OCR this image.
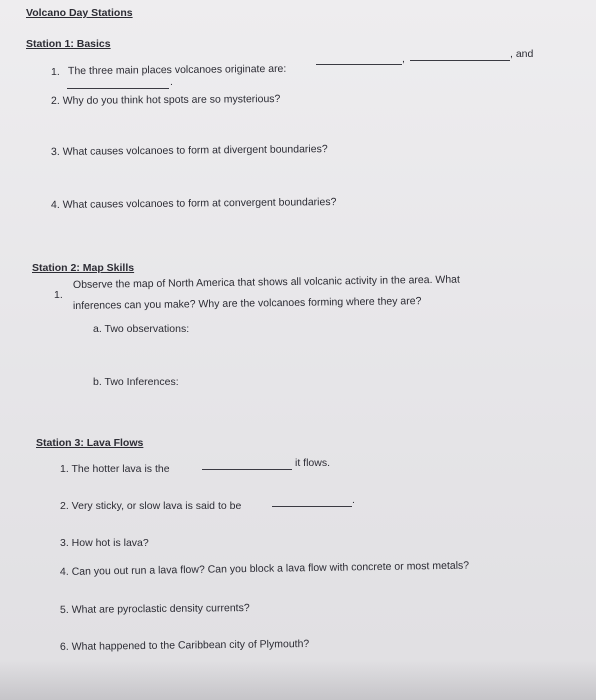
Volcano Day Stations
Station 1: Basics
1. The three main places volcanoes originate are:
,	, and
.
2. Why do you think hot spots are so mysterious?
3. What causes volcanoes to form at divergent boundaries?
4. What causes volcanoes to form at convergent boundaries?
Station 2: Map Skills
1.
Observe the map of North America that shows all volcanic activity in the area. What
inferences can you make? Why are the volcanoes forming where they are?
a. Two observations:
b. Two Inferences:
Station 3: Lava Flows
1. The hotter lava is the	it flows.
2. Very sticky, or slow lava is said to be	.
3. How hot is lava?
4. Can you out run a lava flow? Can you block a lava flow with concrete or most metals?
5. What are pyroclastic density currents?
6. What happened to the Caribbean city of Plymouth?
